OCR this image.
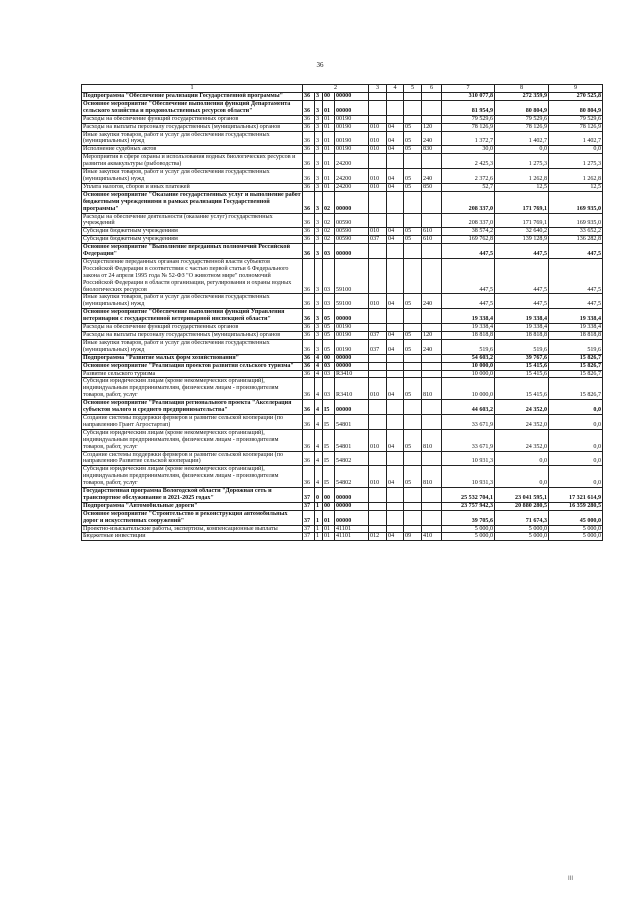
36
1	2				3	4	5	6	7	8	9
Подпрограмма "Обеспечение реализации Государственной программы"	36	3	00	00000					310 077,8	272 359,9	270 525,8
Основное мероприятие "Обеспечение выполнения функций Департамента сельского хозяйства и продовольственных ресурсов области"	36	3	01	00000					81 954,9	80 804,9	80 804,9
Расходы на обеспечение функций государственных органов	36	3	01	00190					79 529,6	79 529,6	79 529,6
Расходы на выплаты персоналу государственных (муниципальных) органов	36	3	01	00190	010	04	05	120	78 126,9	78 126,9	78 126,9
Иные закупки товаров, работ и услуг для обеспечения государственных (муниципальных) нужд	36	3	01	00190	010	04	05	240	1 372,7	1 402,7	1 402,7
Исполнение судебных актов	36	3	01	00190	010	04	05	830	30,0	0,0	0,0
Мероприятия в сфере охраны и использования водных биологических ресурсов и развития аквакультуры (рыбоводства)	36	3	01	24200					2 425,3	1 275,3	1 275,3
Иные закупки товаров, работ и услуг для обеспечения государственных (муниципальных) нужд	36	3	01	24200	010	04	05	240	2 372,6	1 262,8	1 262,8
Уплата налогов, сборов и иных платежей	36	3	01	24200	010	04	05	850	52,7	12,5	12,5
Основное мероприятие "Оказание государственных услуг и выполнение работ бюджетными учреждениями в рамках реализации Государственной программы"	36	3	02	00000					208 337,0	171 769,1	169 935,0
Расходы на обеспечение деятельности (оказание услуг) государственных учреждений	36	3	02	00590					208 337,0	171 769,1	169 935,0
Субсидии бюджетным учреждениям	36	3	02	00590	010	04	05	610	38 574,2	32 640,2	33 652,2
Субсидии бюджетным учреждениям	36	3	02	00590	037	04	05	610	169 762,8	139 128,9	136 282,8
Основное мероприятие "Выполнение переданных полномочий Российской Федерации"	36	3	03	00000					447,5	447,5	447,5
Осуществление переданных органам государственной власти субъектов Российской Федерации в соответствии с частью первой статьи 6 Федерального закона от 24 апреля 1995 года № 52-ФЗ "О животном мире" полномочий Российской Федерации в области организации, регулирования и охраны водных биологических ресурсов	36	3	03	59100					447,5	447,5	447,5
Иные закупки товаров, работ и услуг для обеспечения государственных (муниципальных) нужд	36	3	03	59100	010	04	05	240	447,5	447,5	447,5
Основное мероприятие "Обеспечение выполнения функций Управления ветеринарии с государственной ветеринарной инспекцией области"	36	3	05	00000					19 338,4	19 338,4	19 338,4
Расходы на обеспечение функций государственных органов	36	3	05	00190					19 338,4	19 338,4	19 338,4
Расходы на выплаты персоналу государственных (муниципальных) органов	36	3	05	00190	037	04	05	120	18 818,8	18 818,8	18 818,8
Иные закупки товаров, работ и услуг для обеспечения государственных (муниципальных) нужд	36	3	05	00190	037	04	05	240	519,6	519,6	519,6
Подпрограмма "Развитие малых форм хозяйствования"	36	4	00	00000					54 603,2	39 767,6	15 826,7
Основное мероприятие "Реализация проектов развития сельского туризма"	36	4	03	00000					10 000,0	15 415,6	15 826,7
Развитие сельского туризма	36	4	03	R3410					10 000,0	15 415,6	15 826,7
Субсидии юридическим лицам (кроме некоммерческих организаций), индивидуальным предпринимателям, физическим лицам - производителям товаров, работ, услуг	36	4	03	R3410	010	04	05	810	10 000,0	15 415,6	15 826,7
Основное мероприятие "Реализация регионального проекта "Акселерация субъектов малого и среднего предпринимательства"	36	4	I5	00000					44 603,2	24 352,0	0,0
Создание системы поддержки фермеров и развитие сельской кооперации (по направлению Грант Агростартап)	36	4	I5	54801					33 671,9	24 352,0	0,0
Субсидии юридическим лицам (кроме некоммерческих организаций), индивидуальным предпринимателям, физическим лицам - производителям товаров, работ, услуг	36	4	I5	54801	010	04	05	810	33 671,9	24 352,0	0,0
Создание системы поддержки фермеров и развитие сельской кооперации (по направлению Развитие сельской кооперации)	36	4	I5	54802					10 931,3	0,0	0,0
Субсидии юридическим лицам (кроме некоммерческих организаций), индивидуальным предпринимателям, физическим лицам - производителям товаров, работ, услуг	36	4	I5	54802	010	04	05	810	10 931,3	0,0	0,0
Государственная программа Вологодской области "Дорожная сеть и транспортное обслуживание в 2021-2025 годах"	37	0	00	00000					25 532 704,1	23 041 595,1	17 321 614,9
Подпрограмма "Автомобильные дороги"	37	1	00	00000					23 757 942,3	20 880 280,5	16 359 280,5
Основное мероприятие "Строительство и реконструкция автомобильных дорог и искусственных сооружений"	37	1	01	00000					39 705,6	71 674,3	45 000,0
Проектно-изыскательские работы, экспертизы, компенсационные выплаты	37	1	01	41101					5 000,0	5 000,0	5 000,0
Бюджетные инвестиции	37	1	01	41101	012	04	09	410	5 000,0	5 000,0	5 000,0
III
